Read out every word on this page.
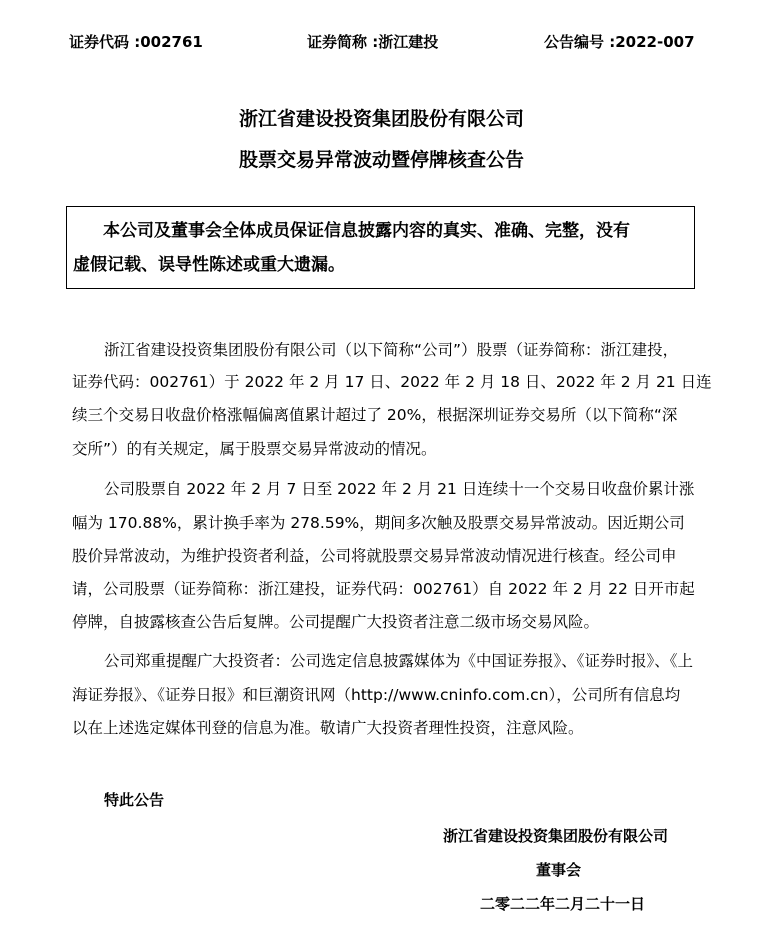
证券代码 :002761	证券简称 :浙江建投	公告编号 :2022-007
浙江省建设投资集团股份有限公司
股票交易异常波动暨停牌核查公告
本公司及董事会全体成员保证信息披露内容的真实、准确、完整，没有
虚假记载、误导性陈述或重大遗漏。
浙江省建设投资集团股份有限公司（以下简称“公司”）股票（证券简称：浙江建投，
证券代码：002761）于 2022 年 2 月 17 日、2022 年 2 月 18 日、2022 年 2 月 21 日连
续三个交易日收盘价格涨幅偏离值累计超过了 20%，根据深圳证券交易所（以下简称“深
交所”）的有关规定，属于股票交易异常波动的情况。
公司股票自 2022 年 2 月 7 日至 2022 年 2 月 21 日连续十一个交易日收盘价累计涨
幅为 170.88%，累计换手率为 278.59%，期间多次触及股票交易异常波动。因近期公司
股价异常波动，为维护投资者利益，公司将就股票交易异常波动情况进行核查。经公司申
请，公司股票（证券简称：浙江建投，证券代码：002761）自 2022 年 2 月 22 日开市起
停牌，自披露核查公告后复牌。公司提醒广大投资者注意二级市场交易风险。
公司郑重提醒广大投资者：公司选定信息披露媒体为《中国证券报》、《证券时报》、《上
海证券报》、《证券日报》和巨潮资讯网（http://www.cninfo.com.cn），公司所有信息均
以在上述选定媒体刊登的信息为准。敬请广大投资者理性投资，注意风险。
特此公告
浙江省建设投资集团股份有限公司
董事会
二零二二年二月二十一日
